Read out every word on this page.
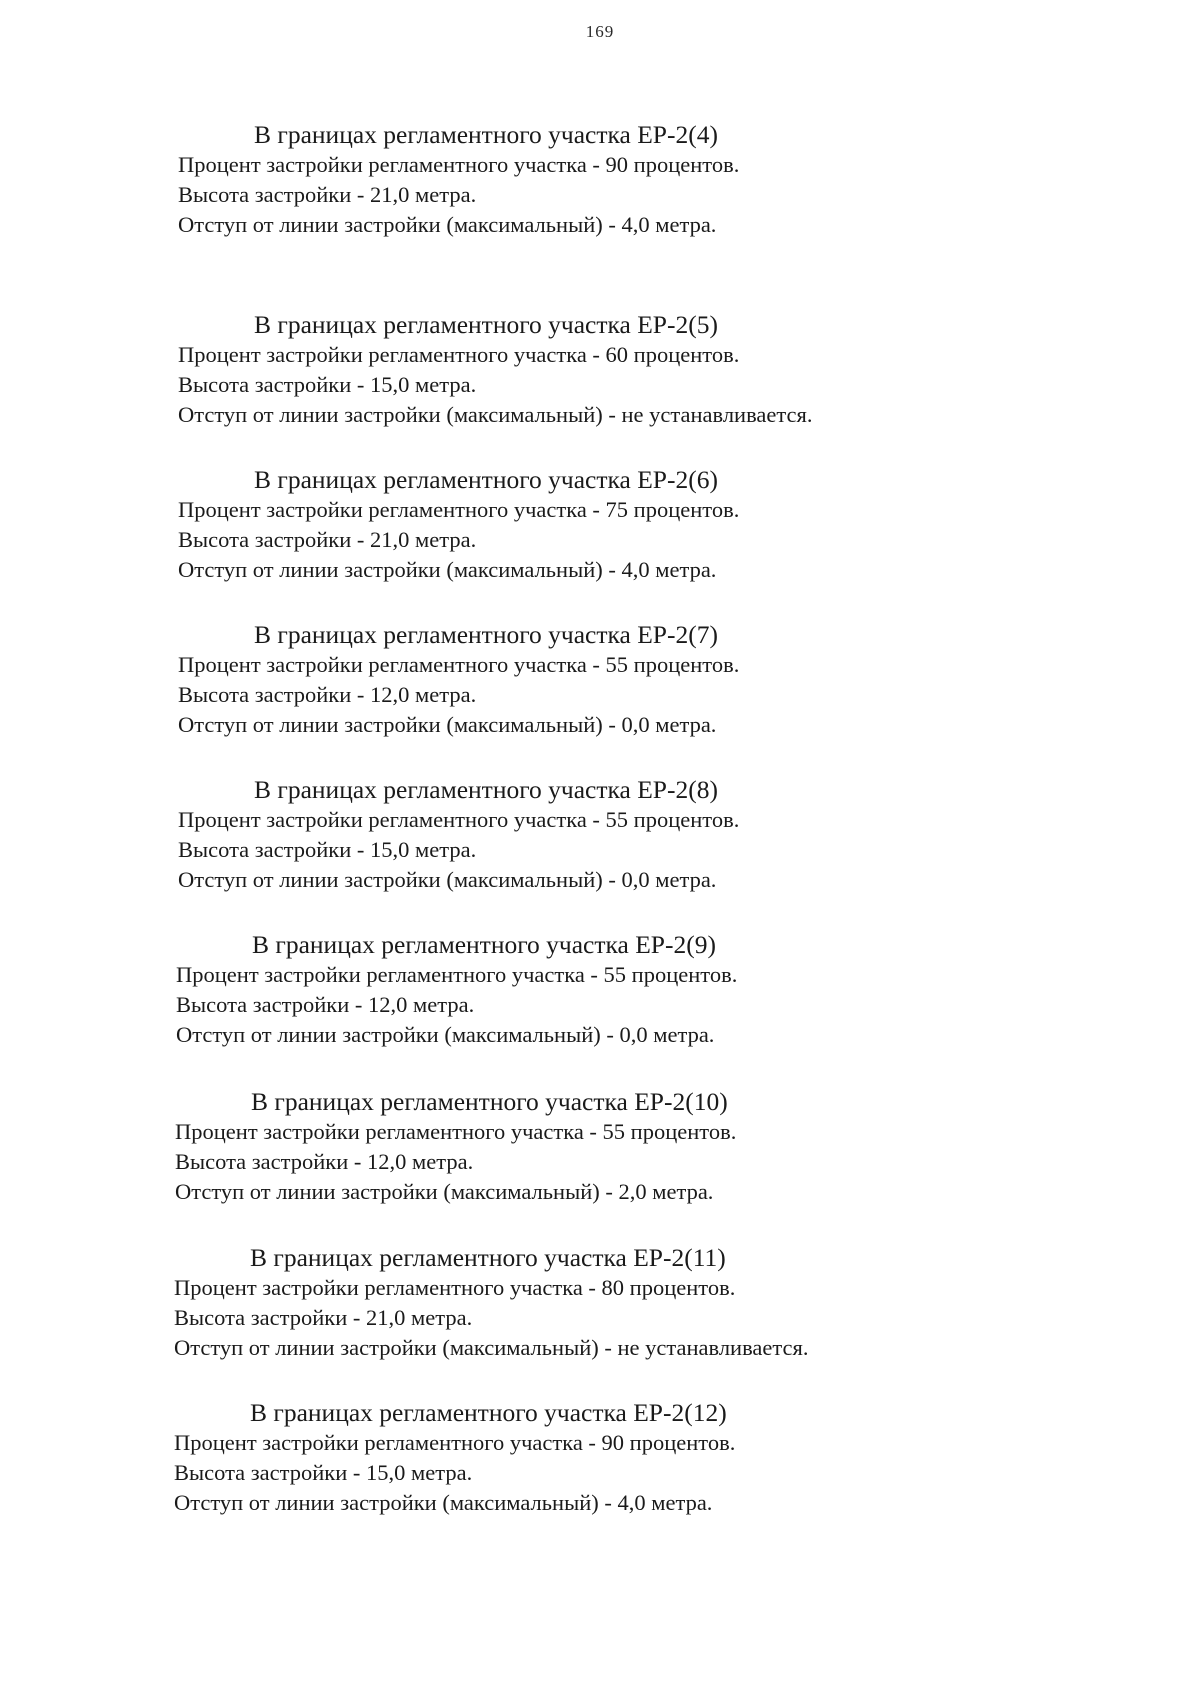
169

В границах регламентного участка ЕР-2(4)

Процент застройки регламентного участка - 90 процентов.

Высота застройки - 21,0 метра.

Отступ от линии застройки (максимальный) - 4,0 метра.

В границах регламентного участка ЕР-2(5)

Процент застройки регламентного участка - 60 процентов.

Высота застройки - 15,0 метра.

Отступ от линии застройки (максимальный) - не устанавливается.

В границах регламентного участка ЕР-2(6)

Процент застройки регламентного участка - 75 процентов.

Высота застройки - 21,0 метра.

Отступ от линии застройки (максимальный) - 4,0 метра.

В границах регламентного участка ЕР-2(7)

Процент застройки регламентного участка - 55 процентов.

Высота застройки - 12,0 метра.

Отступ от линии застройки (максимальный) - 0,0 метра.

В границах регламентного участка ЕР-2(8)

Процент застройки регламентного участка - 55 процентов.

Высота застройки - 15,0 метра.

Отступ от линии застройки (максимальный) - 0,0 метра.

В границах регламентного участка ЕР-2(9)

Процент застройки регламентного участка - 55 процентов.

Высота застройки - 12,0 метра.

Отступ от линии застройки (максимальный) - 0,0 метра.

В границах регламентного участка ЕР-2(10)

Процент застройки регламентного участка - 55 процентов.

Высота застройки - 12,0 метра.

Отступ от линии застройки (максимальный) - 2,0 метра.

В границах регламентного участка ЕР-2(11)

Процент застройки регламентного участка - 80 процентов.

Высота застройки - 21,0 метра.

Отступ от линии застройки (максимальный) - не устанавливается.

В границах регламентного участка ЕР-2(12)

Процент застройки регламентного участка - 90 процентов.

Высота застройки - 15,0 метра.

Отступ от линии застройки (максимальный) - 4,0 метра.
